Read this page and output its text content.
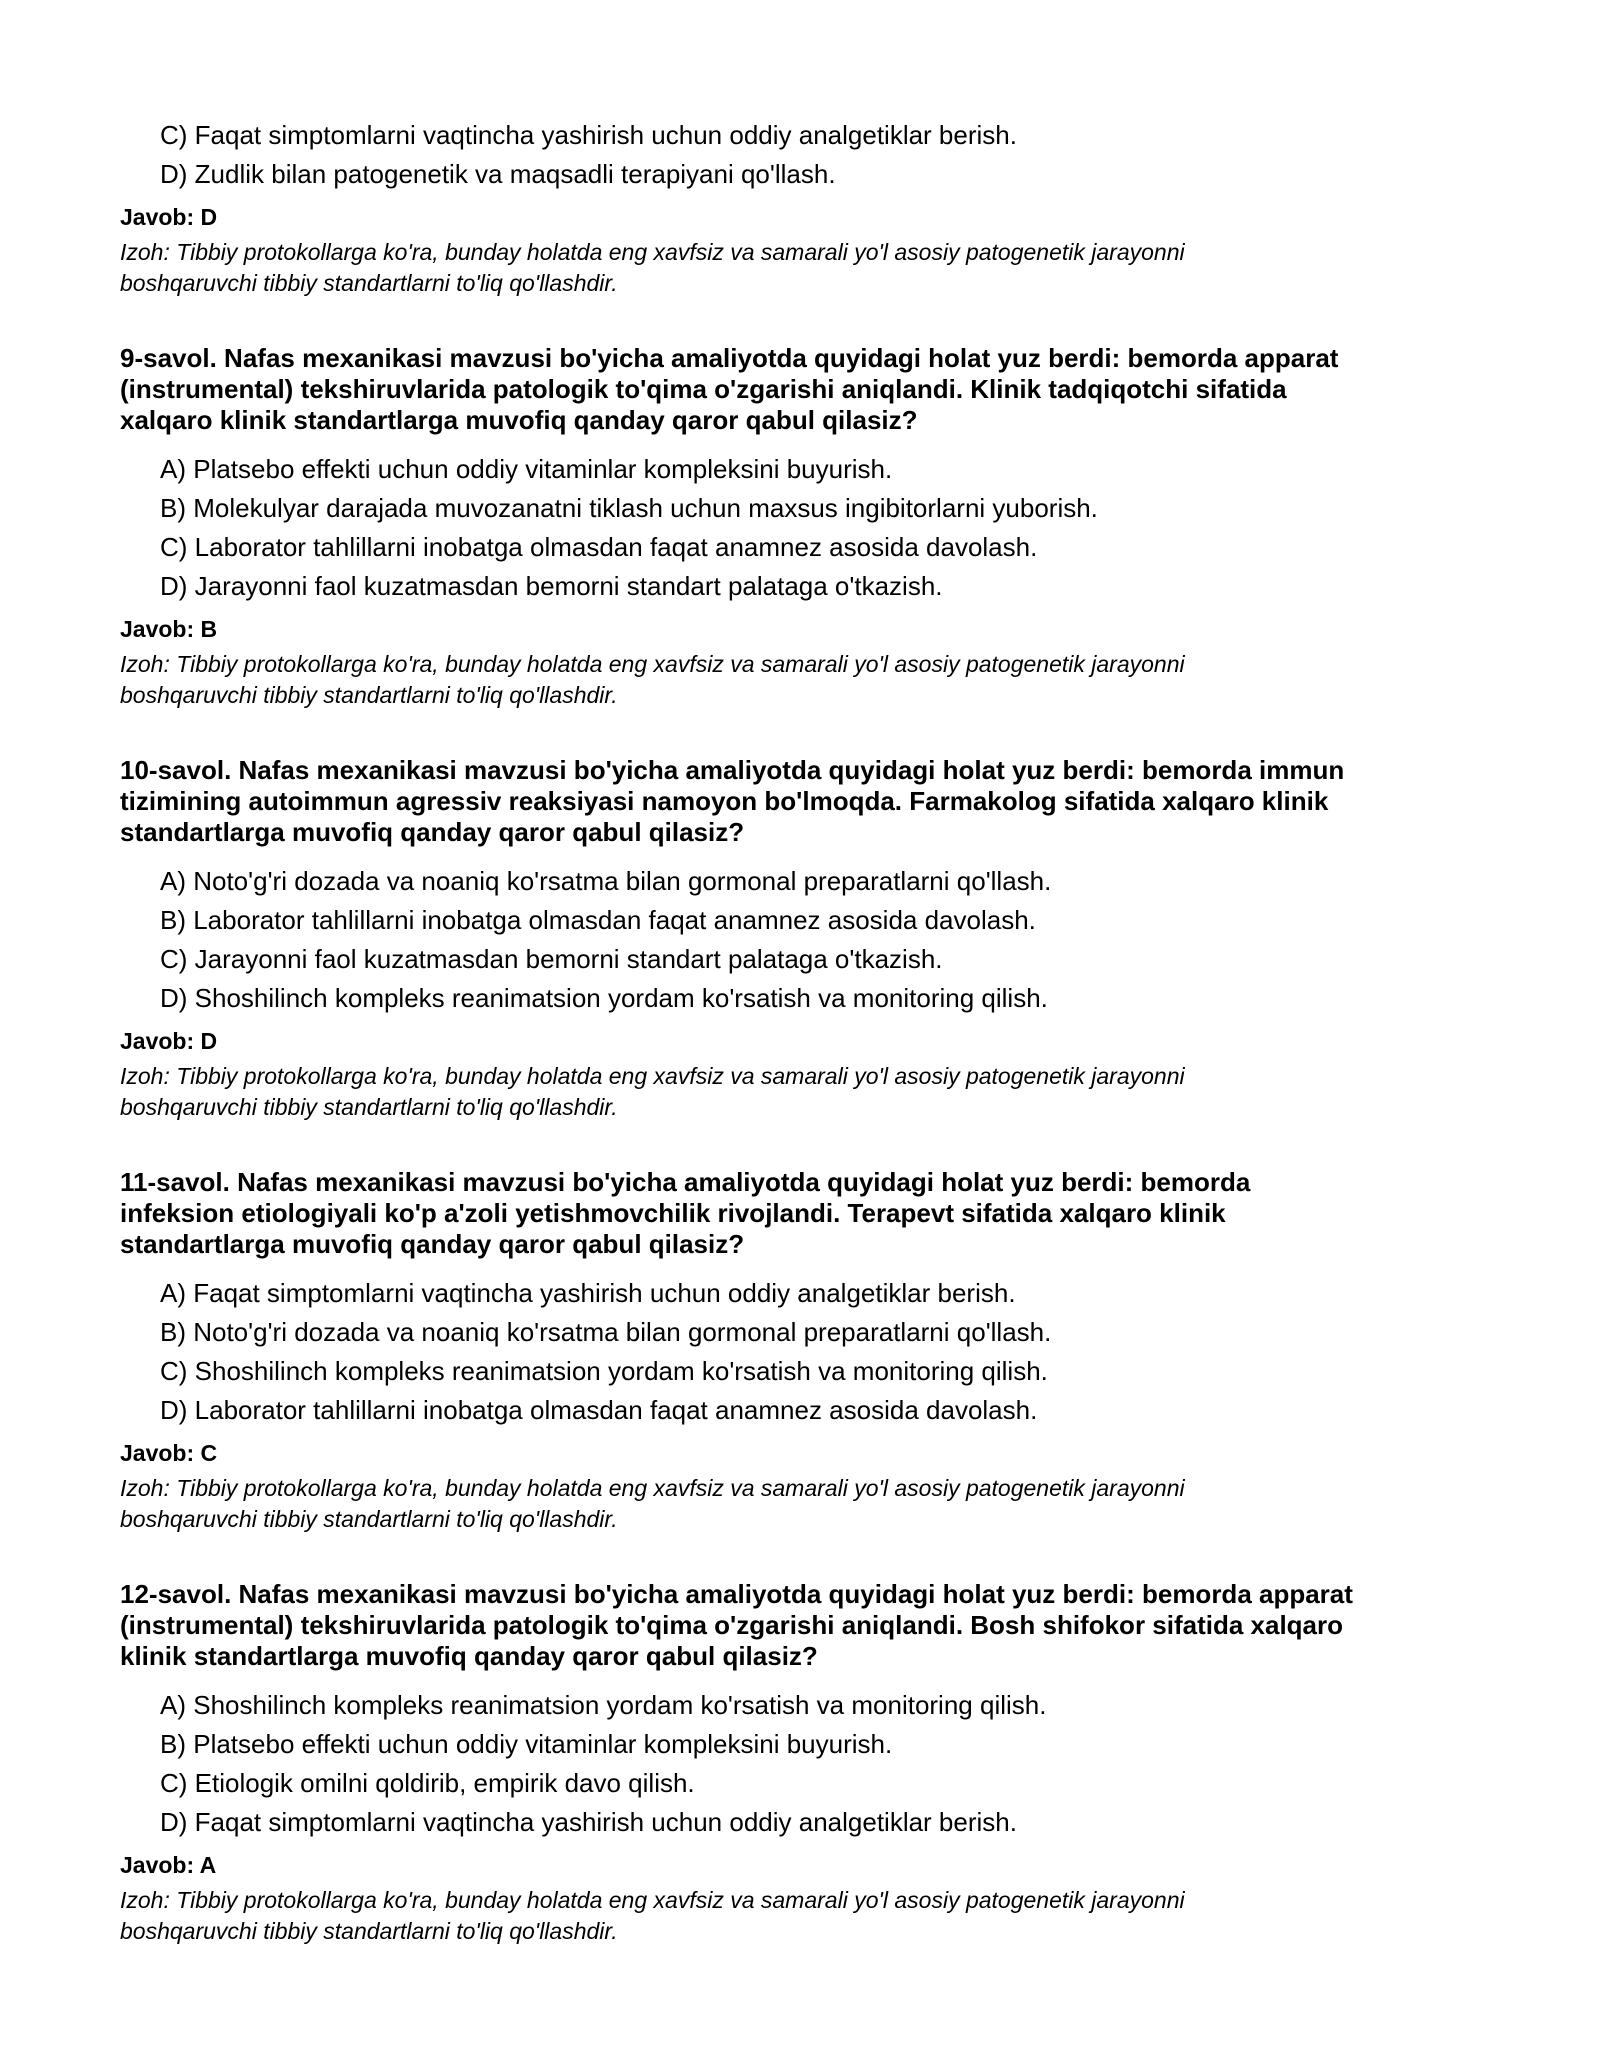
C) Faqat simptomlarni vaqtincha yashirish uchun oddiy analgetiklar berish.
D) Zudlik bilan patogenetik va maqsadli terapiyani qo'llash.
Javob: D

Izoh: Tibbiy protokollarga ko'ra, bunday holatda eng xavfsiz va samarali yo'l asosiy patogenetik jarayonni
boshqaruvchi tibbiy standartlarni to'liq qo'llashdir.

9-savol. Nafas mexanikasi mavzusi bo'yicha amaliyotda quyidagi holat yuz berdi: bemorda apparat
(instrumental) tekshiruvlarida patologik to'qima o'zgarishi aniqlandi. Klinik tadqiqotchi sifatida
xalqaro klinik standartlarga muvofiq qanday qaror qabul qilasiz?

A) Platsebo effekti uchun oddiy vitaminlar kompleksini buyurish.
B) Molekulyar darajada muvozanatni tiklash uchun maxsus ingibitorlarni yuborish.
C) Laborator tahlillarni inobatga olmasdan faqat anamnez asosida davolash.
D) Jarayonni faol kuzatmasdan bemorni standart palataga o'tkazish.
Javob: B

Izoh: Tibbiy protokollarga ko'ra, bunday holatda eng xavfsiz va samarali yo'l asosiy patogenetik jarayonni
boshqaruvchi tibbiy standartlarni to'liq qo'llashdir.

10-savol. Nafas mexanikasi mavzusi bo'yicha amaliyotda quyidagi holat yuz berdi: bemorda immun
tizimining autoimmun agressiv reaksiyasi namoyon bo'lmoqda. Farmakolog sifatida xalqaro klinik
standartlarga muvofiq qanday qaror qabul qilasiz?

A) Noto'g'ri dozada va noaniq ko'rsatma bilan gormonal preparatlarni qo'llash.
B) Laborator tahlillarni inobatga olmasdan faqat anamnez asosida davolash.
C) Jarayonni faol kuzatmasdan bemorni standart palataga o'tkazish.
D) Shoshilinch kompleks reanimatsion yordam ko'rsatish va monitoring qilish.
Javob: D

Izoh: Tibbiy protokollarga ko'ra, bunday holatda eng xavfsiz va samarali yo'l asosiy patogenetik jarayonni
boshqaruvchi tibbiy standartlarni to'liq qo'llashdir.

11-savol. Nafas mexanikasi mavzusi bo'yicha amaliyotda quyidagi holat yuz berdi: bemorda
infeksion etiologiyali ko'p a'zoli yetishmovchilik rivojlandi. Terapevt sifatida xalqaro klinik
standartlarga muvofiq qanday qaror qabul qilasiz?

A) Faqat simptomlarni vaqtincha yashirish uchun oddiy analgetiklar berish.
B) Noto'g'ri dozada va noaniq ko'rsatma bilan gormonal preparatlarni qo'llash.
C) Shoshilinch kompleks reanimatsion yordam ko'rsatish va monitoring qilish.
D) Laborator tahlillarni inobatga olmasdan faqat anamnez asosida davolash.
Javob: C

Izoh: Tibbiy protokollarga ko'ra, bunday holatda eng xavfsiz va samarali yo'l asosiy patogenetik jarayonni
boshqaruvchi tibbiy standartlarni to'liq qo'llashdir.

12-savol. Nafas mexanikasi mavzusi bo'yicha amaliyotda quyidagi holat yuz berdi: bemorda apparat
(instrumental) tekshiruvlarida patologik to'qima o'zgarishi aniqlandi. Bosh shifokor sifatida xalqaro
klinik standartlarga muvofiq qanday qaror qabul qilasiz?

A) Shoshilinch kompleks reanimatsion yordam ko'rsatish va monitoring qilish.
B) Platsebo effekti uchun oddiy vitaminlar kompleksini buyurish.
C) Etiologik omilni qoldirib, empirik davo qilish.
D) Faqat simptomlarni vaqtincha yashirish uchun oddiy analgetiklar berish.
Javob: A

Izoh: Tibbiy protokollarga ko'ra, bunday holatda eng xavfsiz va samarali yo'l asosiy patogenetik jarayonni
boshqaruvchi tibbiy standartlarni to'liq qo'llashdir.
